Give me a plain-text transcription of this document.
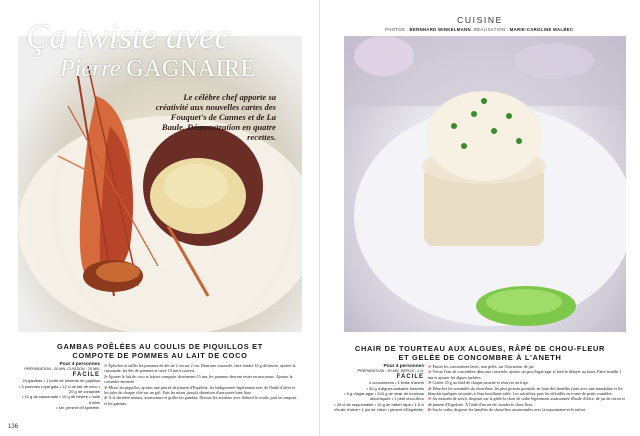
Ça twiste avec
Pierre GAGNAIRE
Le célèbre chef apporte sa créativité aux nouvelles cartes des Fouquet's de Cannes et de La Baule. Démonstration en quatre recettes.
GAMBAS POÊLÉES AU COULIS DE PIQUILLOS ET COMPOTE DE POMMES AU LAIT DE COCO
Pour 4 personnes
PRÉPARATION : 20 MN. CUISSON : 20 MN.
FACILE
24 gambas • 1 boîte de piments de piquillos
• 3 pommes royal gala • 12 cl de lait de coco • 20 g de coriandre
• 10 g de cassonade • 10 g de beurre • huile d'olive
• sel, piment d'Espelette.

1• Éplucher et tailler les pommes en dés de 2 cm sur 2 cm. Dans une casserole, faire fondre 10 g de beurre, ajouter la cassonade, les dés de pommes et cuire 10 mn à couvert.

2• Ajouter le lait de coco et laisser compoter doucement 15 mn, les pommes devront rester en morceaux. Ajouter la coriandre émincée.

3• Mixer les piquillos, ajouter une pincée de piment d'Espelette, les badigeonner légèrement avec de l'huile d'olive et les saler de chaque côté sur un gril. Puis les mixer jusqu'à obtention d'une purée bien lisse.

4• À la dernière minute, assaisonner et griller les gambas. Dresser les assiettes avec d'abord le coulis, puis la compote et les gambas.

136
CUISINE
PHOTOS : BERNHARD WINKELMANN. RÉALISATION : MARIE-CAROLINE MALBEC.
CHAIR DE TOURTEAU AUX ALGUES, RÂPÉ DE CHOU-FLEUR ET GELÉE DE CONCOMBRE À L'ANETH
Pour 4 personnes
PRÉPARATION : 30 MN. REPOS : 1 H.
FACILE
4 concombres • 1 botte d'aneth
• 30 g d'algues wakamé fraîches
• 5 g d'agar-agar • 200 g de chair de tourteau décortiquée • 1 petit chou-fleur
• 25 cl de mayonnaise • 10 g de raifort râpé • 1,5 cl d'huile d'olive • 1 jus de citron • piment d'Espelette.

1• Passer les concombres lavés, non pelés, sur l'extracteur de jus.

2• Verser l'eau de concombre dans une casserole, ajouter un peu d'agar-agar et bien la délayer au fouet. Faire bouillir 1 mn et ajouter les algues hachées.

3• Couler 45 g au fond de chaque assiette et réserver au frigo.

4• Détacher les sommités du chou-fleur, les plus grosses possible, en faire des lamelles fines avec une mandoline et les blanchir quelques secondes à l'eau bouillante salée. Les rafraîchir, puis les effeuiller en forme de petits crumbles.

5• Au moment de servir, disposer sur la gelée la chair de crabe légèrement assaisonnée d'huile d'olive, de jus de citron et de piment d'Espelette. À l'aide d'un cercle, mouler le chou-fleur.

6• Sur le crabe, disposer les lamelles de chou-fleur assaisonnées avec la mayonnaise et le raifort.
